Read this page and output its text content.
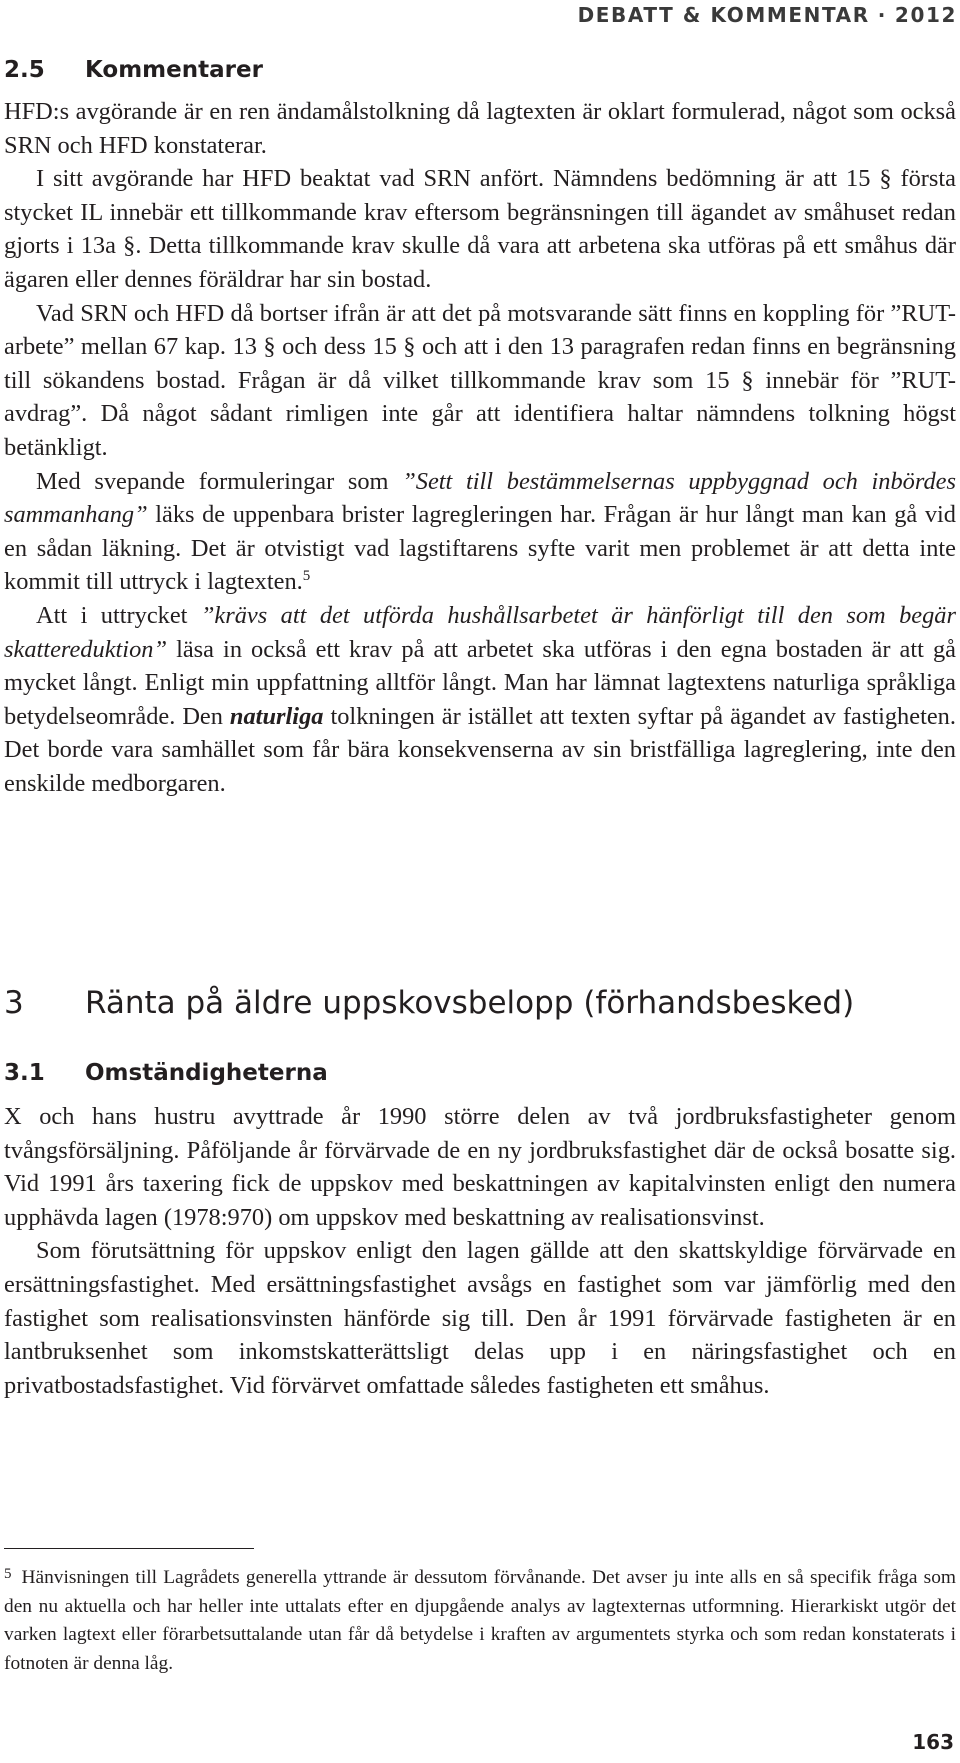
DEBATT & KOMMENTAR · 2012
2.5 Kommentarer

HFD:s avgörande är en ren ändamålstolkning då lagtexten är oklart formulerad, något som också SRN och HFD konstaterar.

I sitt avgörande har HFD beaktat vad SRN anfört. Nämndens bedömning är att 15 § första stycket IL innebär ett tillkommande krav eftersom begränsningen till ägandet av småhuset redan gjorts i 13a §. Detta tillkommande krav skulle då vara att arbetena ska utföras på ett småhus där ägaren eller dennes föräldrar har sin bostad.

Vad SRN och HFD då bortser ifrån är att det på motsvarande sätt finns en koppling för ”RUT-arbete” mellan 67 kap. 13 § och dess 15 § och att i den 13 paragrafen redan finns en begränsning till sökandens bostad. Frågan är då vilket tillkommande krav som 15 § innebär för ”RUT-avdrag”. Då något sådant rimligen inte går att identifiera haltar nämndens tolkning högst betänkligt.

Med svepande formuleringar som ”Sett till bestämmelsernas uppbyggnad och inbördes sammanhang” läks de uppenbara brister lagregleringen har. Frågan är hur långt man kan gå vid en sådan läkning. Det är otvistigt vad lagstiftarens syfte varit men problemet är att detta inte kommit till uttryck i lagtexten.$^5$

Att i uttrycket ”krävs att det utförda hushållsarbetet är hänförligt till den som begär skattereduktion” läsa in också ett krav på att arbetet ska utföras i den egna bostaden är att gå mycket långt. Enligt min uppfattning alltför långt. Man har lämnat lagtextens naturliga språkliga betydelseområde. Den naturliga tolkningen är istället att texten syftar på ägandet av fastigheten. Det borde vara samhället som får bära konsekvenserna av sin bristfälliga lagreglering, inte den enskilde medborgaren.

3 Ränta på äldre uppskovsbelopp (förhandsbesked)
3.1 Omständigheterna

X och hans hustru avyttrade år 1990 större delen av två jordbruksfastigheter genom tvångsförsäljning. Påföljande år förvärvade de en ny jordbruksfastighet där de också bosatte sig. Vid 1991 års taxering fick de uppskov med beskattningen av kapitalvinsten enligt den numera upphävda lagen (1978:970) om uppskov med beskattning av realisationsvinst.

Som förutsättning för uppskov enligt den lagen gällde att den skattskyldige förvärvade en ersättningsfastighet. Med ersättningsfastighet avsågs en fastighet som var jämförlig med den fastighet som realisationsvinsten hänförde sig till. Den år 1991 förvärvade fastigheten är en lantbruksenhet som inkomstskatterättsligt delas upp i en näringsfastighet och en privatbostadsfastighet. Vid förvärvet omfattade således fastigheten ett småhus.

$^5$ Hänvisningen till Lagrådets generella yttrande är dessutom förvånande. Det avser ju inte alls en så specifik fråga som den nu aktuella och har heller inte uttalats efter en djupgående analys av lagtexternas utformning. Hierarkiskt utgör det varken lagtext eller förarbetsuttalande utan får då betydelse i kraften av argumentets styrka och som redan konstaterats i fotnoten är denna låg.
163
